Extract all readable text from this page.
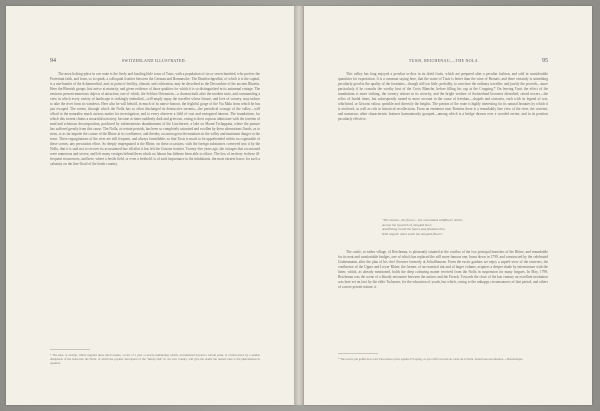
94	SWITZERLAND ILLUSTRATED.

The most bolting-place in our route is the lively and bustling little town of Tusis, with a population of six or seven hundred, who profess the Protestant faith, and form, so to speak, a colloquial frontier between the German and Romansche. The Domleschgerthal, of which it is the capital, is a one-hamlet of the Schamserthal, and, in point of fertility, climate, and cultivation, may be described as the Devonshire of the ancient Rhaetia. Here the Rhenish groups first arrive at maturity, and given evidence of those qualities for which it is so distinguished in its autumnal vintage. The environs present numerous objects of attraction, one of which, the Schloss-Ortenstein—a chateau built after the modern taste, and commanding a view in which every variety of landscape is strikingly embodied—will amply repay the traveller whose leisure, and love of scenery, may induce to take the river from its windows. Here also he will behold, in much of its native honour, the frightful gorge of the Via Mala from which he has just escaped. The ravine, through which the Nolla has so often discharged its destructive torrents—the periodical scourge of the valley—will afford to the naturalist much curious matter for investigation, and to every observer a field of vast and variegated interest. The inundations, for which this torrent claims a mournful notoriety, become at times suddenly dark and grievous, owing to their copious admixture with the torrents of mud and schistous decomposition, produced by subterraneous abandonment of the Lüscherzee, a lake on Mount Tschappina, where the pasture has suffered greatly from this cause. The Nolla, at certain periods, has been so completely saturated and swollen by these alternations floods, as to stem, or as far impede the course of the Rhine at its confluence, and thereby occasion great devastations in the valley and imminent danger to the town. These regurgitations of the river are still frequent, and always formidable; so that Tusis is much to be apprehended within no cognizable of these scenes, any precaution effort. So deeply impregnated is the Rhine, on these occasions, with the foreign substances conveyed into it by the Nolla, that it is said not to recover its accustomed hue till after it has left the Grisons frontier. Twenty-five years ago, the cottages that occasioned were numerous and severe, and left many vestiges behind them which no labour has hitherto been able to efface. The loss of territory in these ill-frequent recurrences; and here, where a fertile field, or even a freehold, is of such importance to the inhabitants, the most earnest havoc for such a calamity on the fine-flood of the heath country.

* The lake, or swamp, which supplies these mud torrents, covers of a peat or newly-summering, which, accumulated beyond a certain point, is carried down by a sudden dissipation of the basin into the Nolla, of which the popular description of the "skinny-fish" in our own country, will give the reader the nearest idea to the phenomenon in question.
TUSIS, REICHENAU,—THE NOLA.	95

This valley has long enjoyed a peculiar to-dice in its dried fruits, which are prepared after a peculiar fashion, and sold in considerable quantities for exportation. It is a common saying here, that the water of Tusis is better than the wine of Bernais; and there certainly is something peculiarly good in the quality of the fountains—though still too little, probably, to convince the ordinary traveller, and justify the proverb—more particularly if he consults the worthy host of the Croix Blanche, before filling his cup at the Cropping.* On leaving Tusis the effect of the inundations is more striking, the scenery relaxes in its severity, and the bright verdure of Switzerland becomes identified; raised towers—the relics of feudal times, but subsequently turned to more account in the cause of freedom—chapels and oratories, each with its legend of war, whirlwind, or Grisons valour, sprinkle and diversify the heights. The portion of the route is highly interesting for its natural beauties by which it is enclosed, as well as rich in historical recollections. From an eminence near Rotzüns there is a remarkably fine view of the river, the convent, and numerous other characteristic features harmoniously grouped—among which is a bridge thrown over a wooded ravine, and in its position peculiarly effective.

"The stream—the flower—the unwreaked wildflower shrine
Across the hyacinth of mingled hues;
And flitting round the fames and phantom line,
With angelic notes smell the mingled flower."

The castle, or rather village, of Reichenau, is pleasantly situated at the conflux of the two principal branches of the Rhine, and remarkable for its neat and comfortable bridges, one of which has replaced the still more famous one, burnt down in 1799, and constructed by the celebrated Grubenmann, after the plan of his chef d'oeuvre formerly at Schaffhausen. From the rustic gardens we enjoy a superb view of the environs, the confluence of the Upper and Lower Rhine; the former, of an essential tint and of larger volume, acquires a deeper shade by intermixture with the latter, which, as already mentioned, holds the deep colouring matter received from the Nolla in suspension for many leagues. In May, 1799, Reichenau was the scene of a bloody encounter between the natives and the French. Towards the close of the last century an excellent institution was here set on foot by the elder Tscharner, for the education of youth, but which, owing to the unhappy circumstances of that period, and others of a more private nature, it

* The source put gulliti de le tour d'un ruisses qu'on appelle l'Crapang, ce qui s'offre un bain de corde de la Nolla, ilonnit une eau détestue.—Bourbaraque.
